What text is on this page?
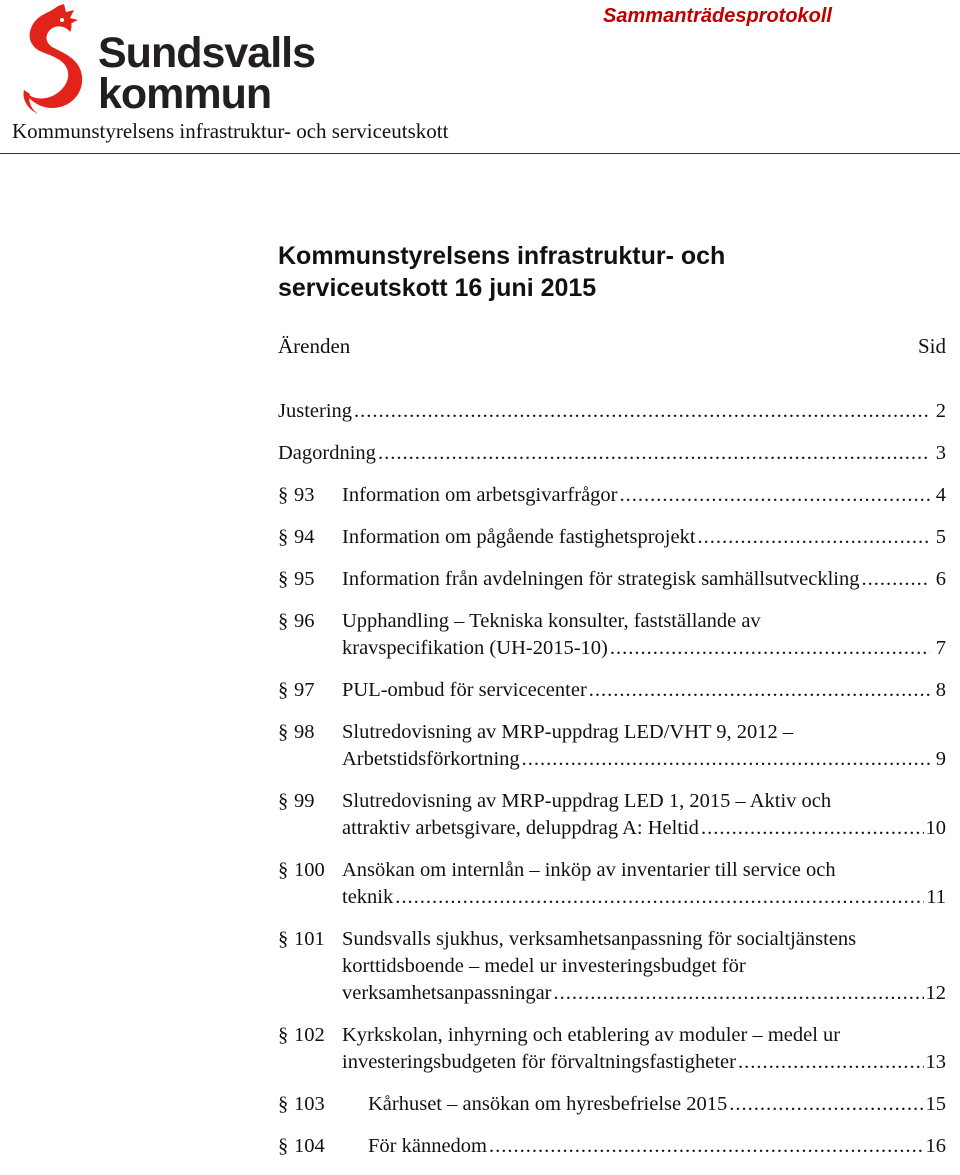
Sundsvalls
kommun
Sammanträdesprotokoll
Kommunstyrelsens infrastruktur- och serviceutskott
Kommunstyrelsens infrastruktur- och
serviceutskott 16 juni 2015
Ärenden	Sid
Justering .....	2
Dagordning .....	3
§ 93 Information om arbetsgivarfrågor .....	4
§ 94 Information om pågående fastighetsprojekt .....	5
§ 95 Information från avdelningen för strategisk samhällsutveckling .....	6
§ 96 Upphandling – Tekniska konsulter, fastställande av
kravspecifikation (UH-2015-10) .....	7
§ 97 PUL-ombud för servicecenter .....	8
§ 98 Slutredovisning av MRP-uppdrag LED/VHT 9, 2012 –
Arbetstidsförkortning .....	9
§ 99 Slutredovisning av MRP-uppdrag LED 1, 2015 – Aktiv och
attraktiv arbetsgivare, deluppdrag A: Heltid .....	10
§ 100 Ansökan om internlån – inköp av inventarier till service och
teknik .....	11
§ 101 Sundsvalls sjukhus, verksamhetsanpassning för socialtjänstens
korttidsboende – medel ur investeringsbudget för
verksamhetsanpassningar .....	12
§ 102 Kyrkskolan, inhyrning och etablering av moduler – medel ur
investeringsbudgeten för förvaltningsfastigheter .....	13
§ 103 Kårhuset – ansökan om hyresbefrielse 2015 .....	15
§ 104 För kännedom .....	16
